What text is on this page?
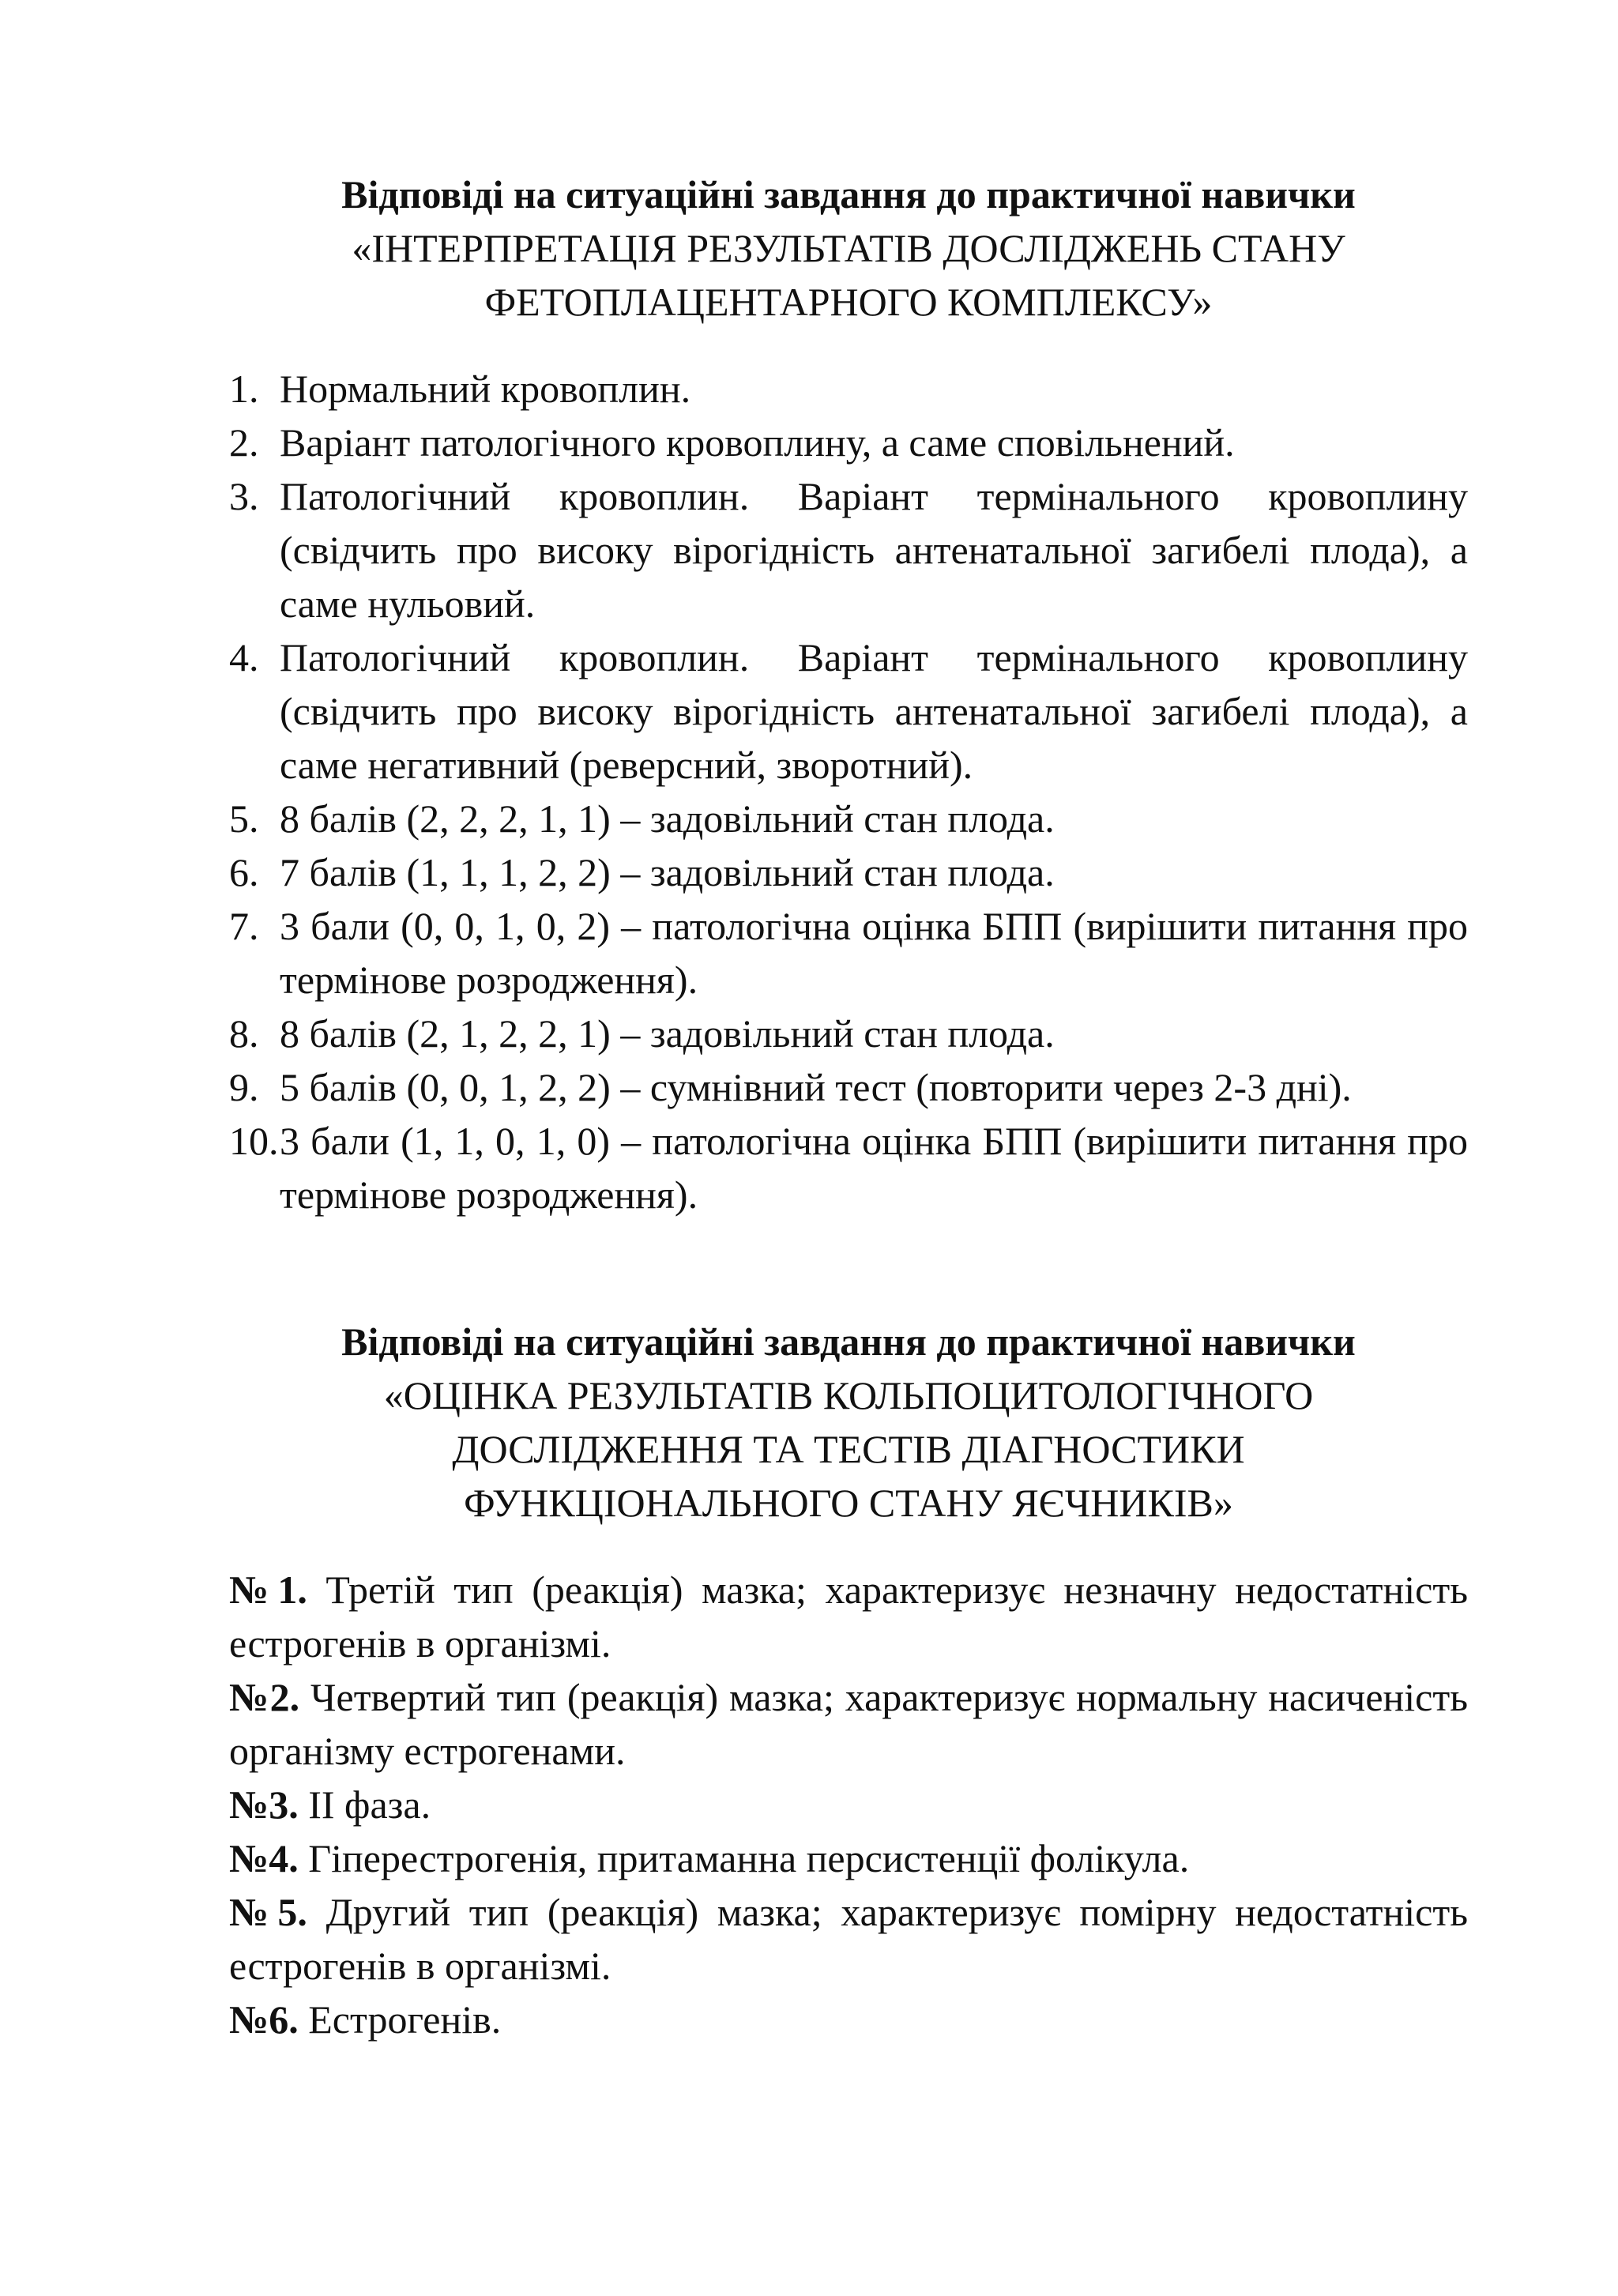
Відповіді на ситуаційні завдання до практичної навички
«ІНТЕРПРЕТАЦІЯ РЕЗУЛЬТАТІВ ДОСЛІДЖЕНЬ СТАНУ
ФЕТОПЛАЦЕНТАРНОГО КОМПЛЕКСУ»
1. Нормальний кровоплин.
2. Варіант патологічного кровоплину, а саме сповільнений.
3. Патологічний кровоплин. Варіант термінального кровоплину (свідчить про високу вірогідність антенатальної загибелі плода), а саме нульовий.
4. Патологічний кровоплин. Варіант термінального кровоплину (свідчить про високу вірогідність антенатальної загибелі плода), а саме негативний (реверсний, зворотний).
5. 8 балів (2, 2, 2, 1, 1) – задовільний стан плода.
6. 7 балів (1, 1, 1, 2, 2) – задовільний стан плода.
7. 3 бали (0, 0, 1, 0, 2) – патологічна оцінка БПП (вирішити питання про термінове розродження).
8. 8 балів (2, 1, 2, 2, 1) – задовільний стан плода.
9. 5 балів (0, 0, 1, 2, 2) – сумнівний тест (повторити через 2-3 дні).
10. 3 бали (1, 1, 0, 1, 0) – патологічна оцінка БПП (вирішити питання про термінове розродження).
Відповіді на ситуаційні завдання до практичної навички
«ОЦІНКА РЕЗУЛЬТАТІВ КОЛЬПОЦИТОЛОГІЧНОГО
ДОСЛІДЖЕННЯ ТА ТЕСТІВ ДІАГНОСТИКИ
ФУНКЦІОНАЛЬНОГО СТАНУ ЯЄЧНИКІВ»
№1. Третій тип (реакція) мазка; характеризує незначну недостатність естрогенів в організмі.
№2. Четвертий тип (реакція) мазка; характеризує нормальну насиченість організму естрогенами.
№3. II фаза.
№4. Гіперестрогенія, притаманна персистенції фолікула.
№5. Другий тип (реакція) мазка; характеризує помірну недостатність естрогенів в організмі.
№6. Естрогенів.
